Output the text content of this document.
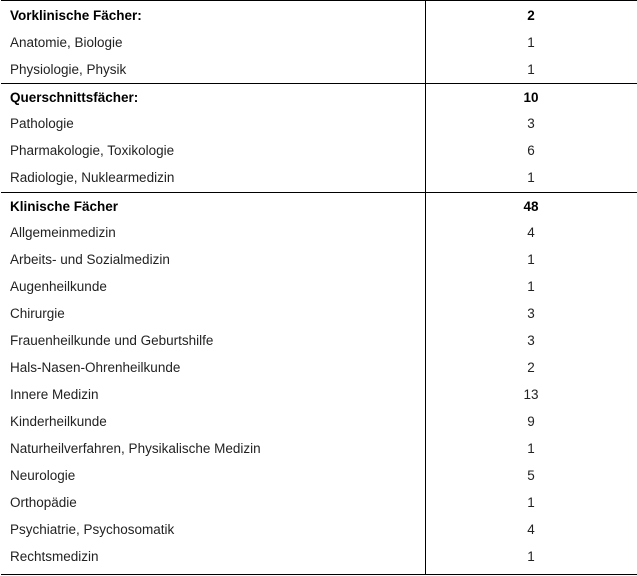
Vorklinische Fächer:	2
Anatomie, Biologie	1
Physiologie, Physik	1
Querschnittsfächer:	10
Pathologie	3
Pharmakologie, Toxikologie	6
Radiologie, Nuklearmedizin	1
Klinische Fächer	48
Allgemeinmedizin	4
Arbeits- und Sozialmedizin	1
Augenheilkunde	1
Chirurgie	3
Frauenheilkunde und Geburtshilfe	3
Hals-Nasen-Ohrenheilkunde	2
Innere Medizin	13
Kinderheilkunde	9
Naturheilverfahren, Physikalische Medizin	1
Neurologie	5
Orthopädie	1
Psychiatrie, Psychosomatik	4
Rechtsmedizin	1
